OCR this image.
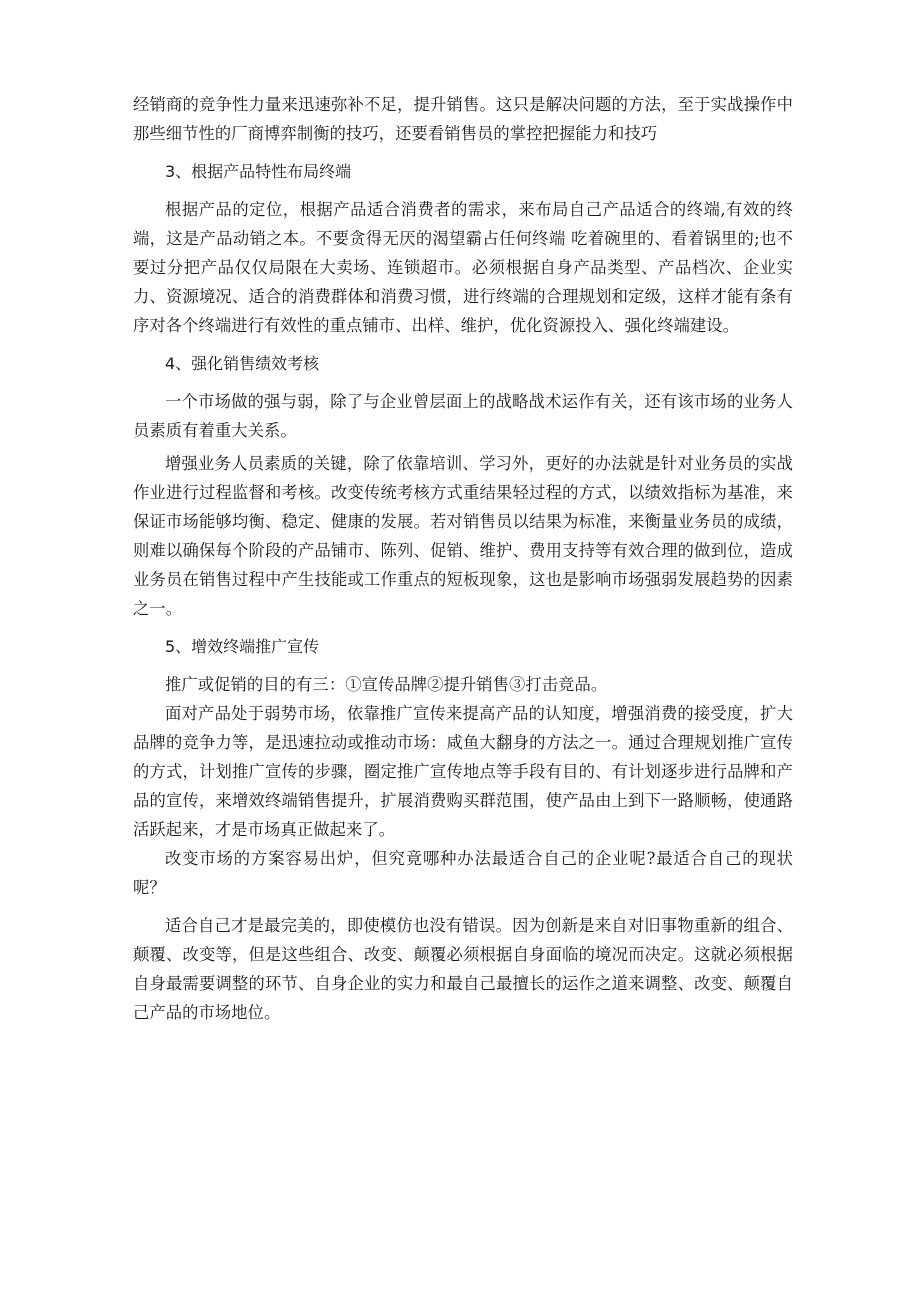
经销商的竞争性力量来迅速弥补不足，提升销售。这只是解决问题的方法，至于实战操作中那些细节性的厂商博弈制衡的技巧，还要看销售员的掌控把握能力和技巧

3、根据产品特性布局终端

根据产品的定位，根据产品适合消费者的需求，来布局自己产品适合的终端,有效的终端，这是产品动销之本。不要贪得无厌的渴望霸占任何终端 吃着碗里的、看着锅里的;也不要过分把产品仅仅局限在大卖场、连锁超市。必须根据自身产品类型、产品档次、企业实力、资源境况、适合的消费群体和消费习惯，进行终端的合理规划和定级，这样才能有条有序对各个终端进行有效性的重点铺市、出样、维护，优化资源投入、强化终端建设。

4、强化销售绩效考核

一个市场做的强与弱，除了与企业曾层面上的战略战术运作有关，还有该市场的业务人员素质有着重大关系。

增强业务人员素质的关键，除了依靠培训、学习外，更好的办法就是针对业务员的实战作业进行过程监督和考核。改变传统考核方式重结果轻过程的方式，以绩效指标为基准，来保证市场能够均衡、稳定、健康的发展。若对销售员以结果为标准，来衡量业务员的成绩，则难以确保每个阶段的产品铺市、陈列、促销、维护、费用支持等有效合理的做到位，造成业务员在销售过程中产生技能或工作重点的短板现象，这也是影响市场强弱发展趋势的因素之一。

5、增效终端推广宣传

推广或促销的目的有三：①宣传品牌②提升销售③打击竞品。

面对产品处于弱势市场，依靠推广宣传来提高产品的认知度，增强消费的接受度，扩大品牌的竞争力等，是迅速拉动或推动市场：咸鱼大翻身的方法之一。通过合理规划推广宣传的方式，计划推广宣传的步骤，圈定推广宣传地点等手段有目的、有计划逐步进行品牌和产品的宣传，来增效终端销售提升，扩展消费购买群范围，使产品由上到下一路顺畅，使通路活跃起来，才是市场真正做起来了。

改变市场的方案容易出炉，但究竟哪种办法最适合自己的企业呢?最适合自己的现状呢？

适合自己才是最完美的，即使模仿也没有错误。因为创新是来自对旧事物重新的组合、颠覆、改变等，但是这些组合、改变、颠覆必须根据自身面临的境况而决定。这就必须根据自身最需要调整的环节、自身企业的实力和最自己最擅长的运作之道来调整、改变、颠覆自己产品的市场地位。
